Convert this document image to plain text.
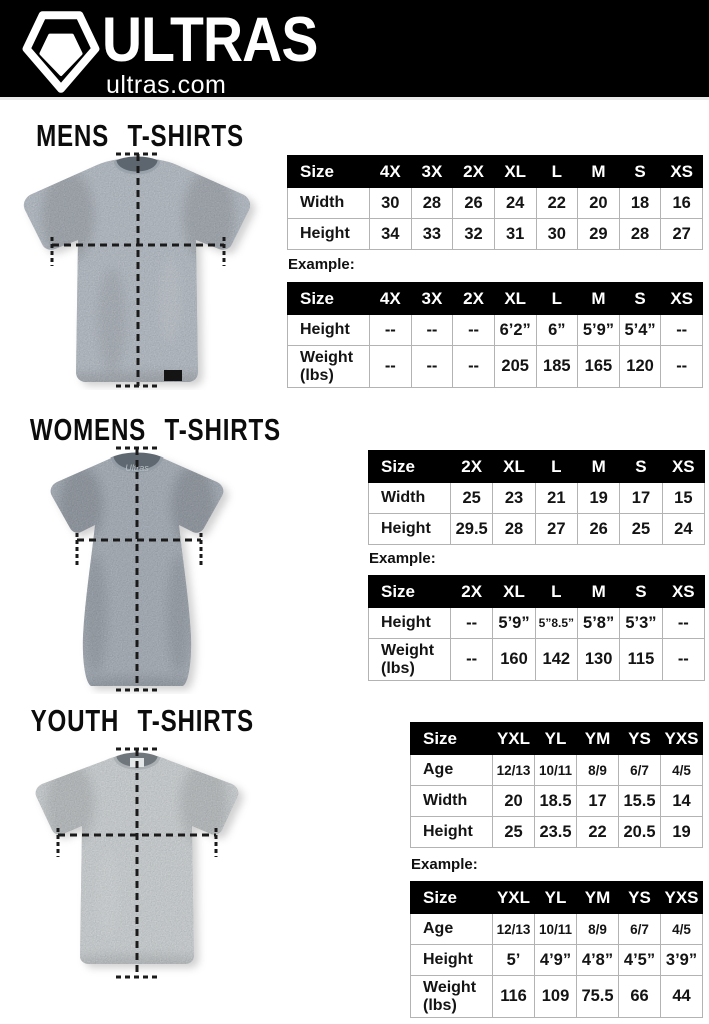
ULTRAS
ultras.com
MENS T-SHIRTS
WOMENS T-SHIRTS
YOUTH T-SHIRTS
Ultras
Size	4X	3X	2X	XL	L	M	S	XS
Width	30	28	26	24	22	20	18	16
Height	34	33	32	31	30	29	28	27
Example:
Size	4X	3X	2X	XL	L	M	S	XS
Height	--	--	--	6’2”	6”	5’9”	5’4”	--
Weight (lbs)	--	--	--	205	185	165	120	--
Size	2X	XL	L	M	S	XS
Width	25	23	21	19	17	15
Height	29.5	28	27	26	25	24
Example:
Size	2X	XL	L	M	S	XS
Height	--	5’9”	5”8.5”	5’8”	5’3”	--
Weight (lbs)	--	160	142	130	115	--
Size	YXL	YL	YM	YS	YXS
Age	12/13	10/11	8/9	6/7	4/5
Width	20	18.5	17	15.5	14
Height	25	23.5	22	20.5	19
Example:
Size	YXL	YL	YM	YS	YXS
Age	12/13	10/11	8/9	6/7	4/5
Height	5’	4’9”	4’8”	4’5”	3’9”
Weight (lbs)	116	109	75.5	66	44
